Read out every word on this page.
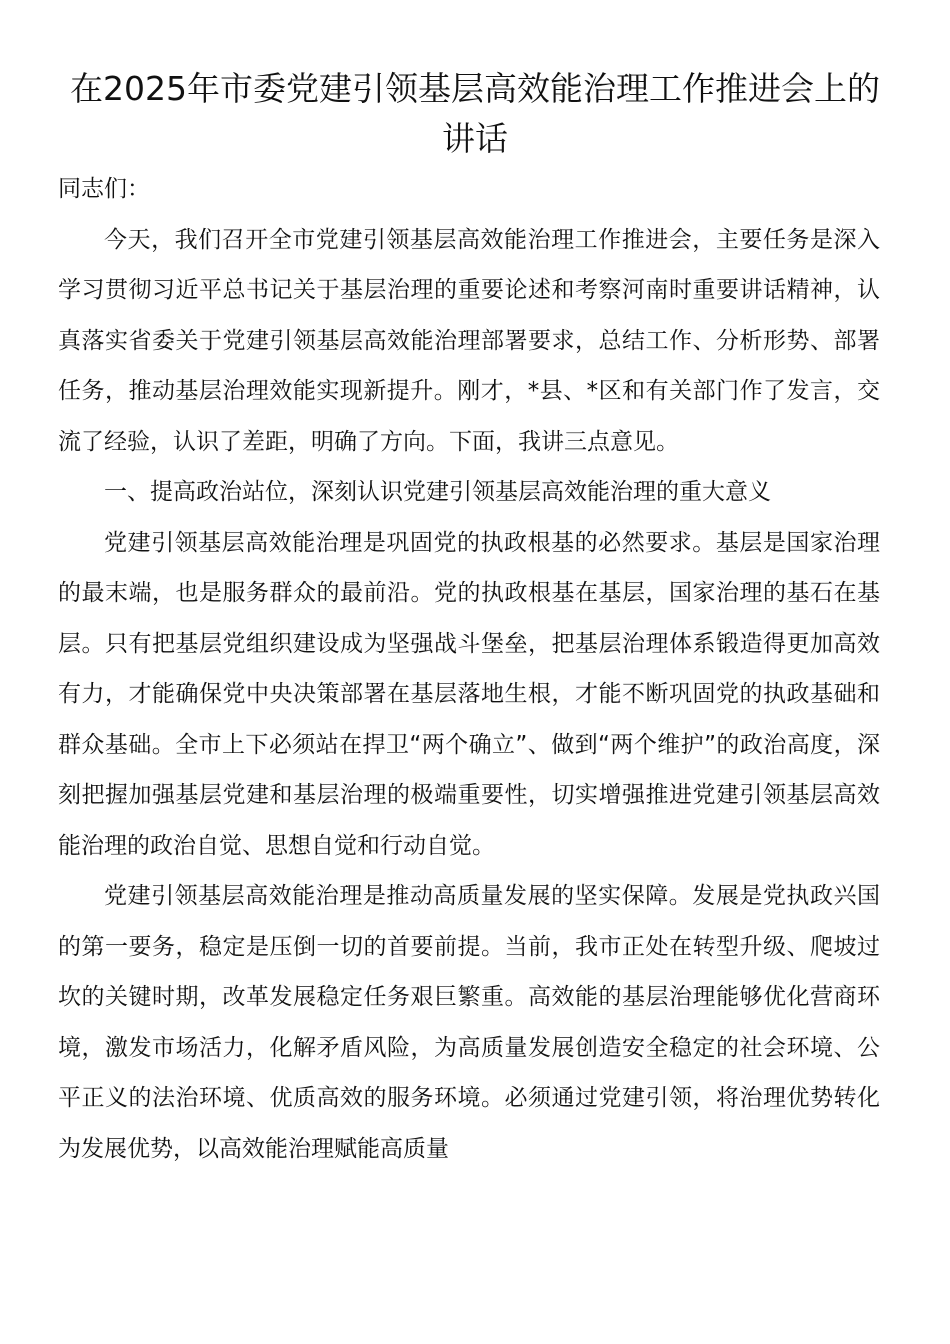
在2025年市委党建引领基层高效能治理工作推进会上的讲话

同志们：

今天，我们召开全市党建引领基层高效能治理工作推进会，主要任务是深入学习贯彻习近平总书记关于基层治理的重要论述和考察河南时重要讲话精神，认真落实省委关于党建引领基层高效能治理部署要求，总结工作、分析形势、部署任务，推动基层治理效能实现新提升。刚才，*县、*区和有关部门作了发言，交流了经验，认识了差距，明确了方向。下面，我讲三点意见。

一、提高政治站位，深刻认识党建引领基层高效能治理的重大意义

党建引领基层高效能治理是巩固党的执政根基的必然要求。基层是国家治理的最末端，也是服务群众的最前沿。党的执政根基在基层，国家治理的基石在基层。只有把基层党组织建设成为坚强战斗堡垒，把基层治理体系锻造得更加高效有力，才能确保党中央决策部署在基层落地生根，才能不断巩固党的执政基础和群众基础。全市上下必须站在捍卫“两个确立”、做到“两个维护”的政治高度，深刻把握加强基层党建和基层治理的极端重要性，切实增强推进党建引领基层高效能治理的政治自觉、思想自觉和行动自觉。

党建引领基层高效能治理是推动高质量发展的坚实保障。发展是党执政兴国的第一要务，稳定是压倒一切的首要前提。当前，我市正处在转型升级、爬坡过坎的关键时期，改革发展稳定任务艰巨繁重。高效能的基层治理能够优化营商环境，激发市场活力，化解矛盾风险，为高质量发展创造安全稳定的社会环境、公平正义的法治环境、优质高效的服务环境。必须通过党建引领，将治理优势转化为发展优势，以高效能治理赋能高质量
